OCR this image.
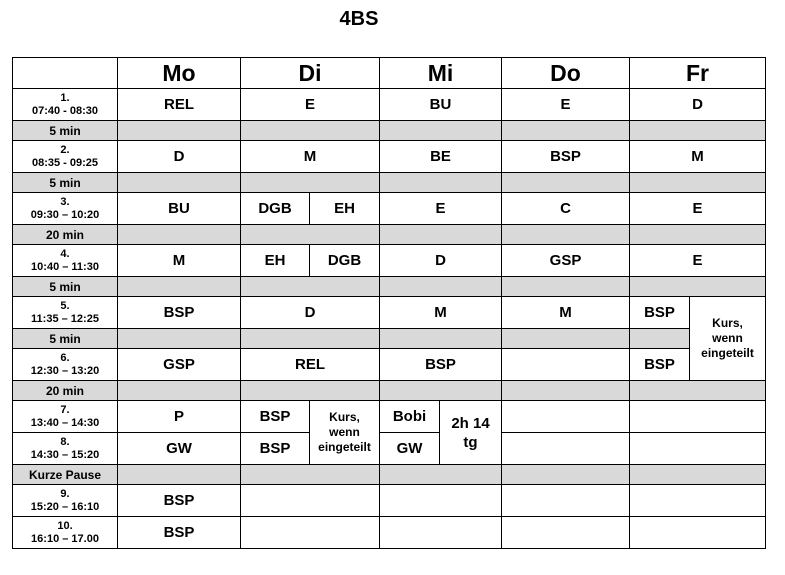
4BS
	Mo	Di		Mi		Do	Fr	
1.
07:40 - 08:30	REL	E		BU		E	D	
5 min								
2.
08:35 - 09:25	D	M		BE		BSP	M	
5 min								
3.
09:30 – 10:20	BU	DGB	EH	E		C	E	
20 min								
4.
10:40 – 11:30	M	EH	DGB	D		GSP	E	
5 min								
5.
11:35 – 12:25	BSP	D		M		M	BSP	Kurs,
wenn
eingeteilt
5 min								
6.
12:30 – 13:20	GSP	REL		BSP			BSP	
20 min								
7.
13:40 – 14:30	P	BSP	Kurs,
wenn
eingeteilt	Bobi	2h 14
tg			
8.
14:30 – 15:20	GW	BSP		GW				
Kurze Pause								
9.
15:20 – 16:10	BSP							
10.
16:10 – 17.00	BSP							
